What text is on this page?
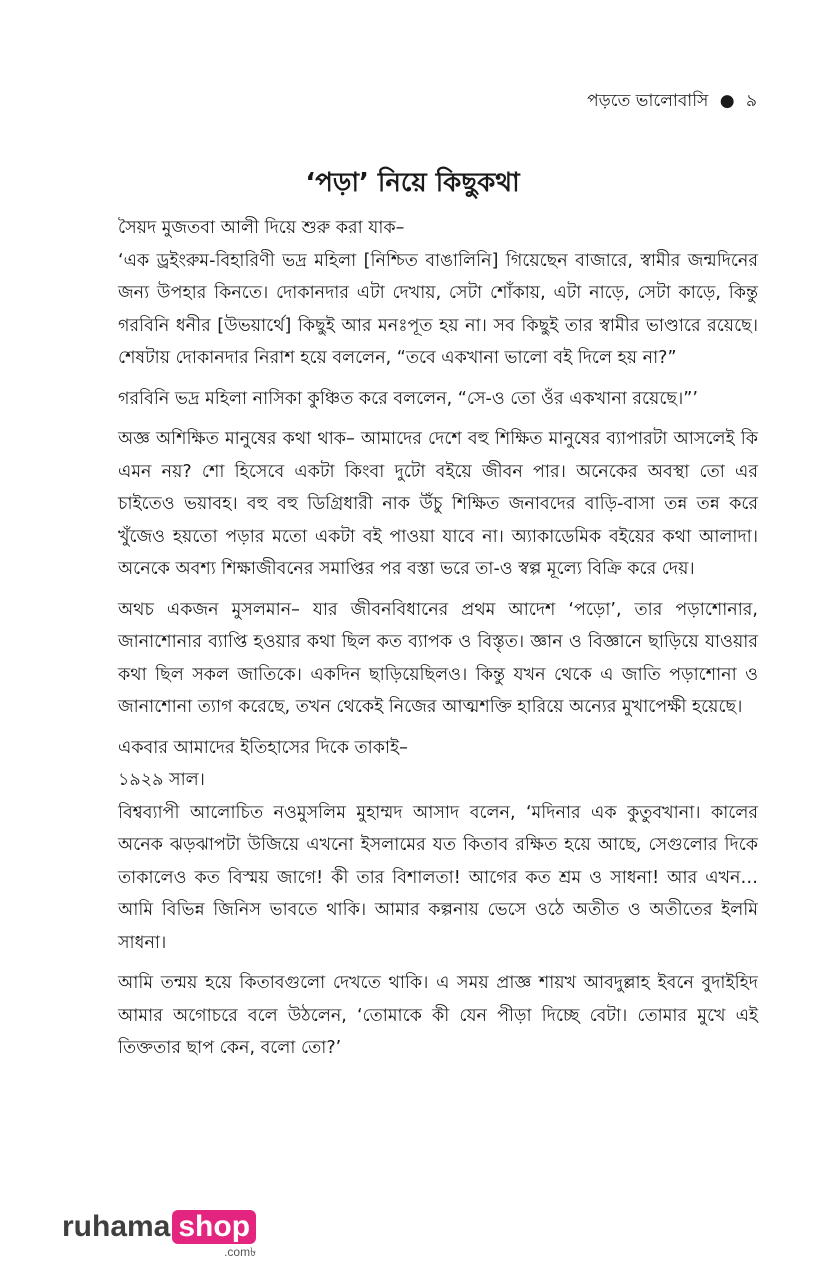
পড়তে ভালোবাসি ● ৯
‘পড়া’ নিয়ে কিছুকথা

সৈয়দ মুজতবা আলী দিয়ে শুরু করা যাক–

‘এক ড্রইংরুম-বিহারিণী ভদ্র মহিলা [নিশ্চিত বাঙালিনি] গিয়েছেন বাজারে, স্বামীর জন্মদিনের জন্য উপহার কিনতে। দোকানদার এটা দেখায়, সেটা শোঁকায়, এটা নাড়ে, সেটা কাড়ে, কিন্তু গরবিনি ধনীর [উভয়ার্থে] কিছুই আর মনঃপূত হয় না। সব কিছুই তার স্বামীর ভাণ্ডারে রয়েছে। শেষটায় দোকানদার নিরাশ হয়ে বললেন, “তবে একখানা ভালো বই দিলে হয় না?”

গরবিনি ভদ্র মহিলা নাসিকা কুঞ্চিত করে বললেন, “সে-ও তো ওঁর একখানা রয়েছে।”’

অজ্ঞ অশিক্ষিত মানুষের কথা থাক– আমাদের দেশে বহু শিক্ষিত মানুষের ব্যাপারটা আসলেই কি এমন নয়? শো হিসেবে একটা কিংবা দুটো বইয়ে জীবন পার। অনেকের অবস্থা তো এর চাইতেও ভয়াবহ। বহু বহু ডিগ্রিধারী নাক উঁচু শিক্ষিত জনাবদের বাড়ি-বাসা তন্ন তন্ন করে খুঁজেও হয়তো পড়ার মতো একটা বই পাওয়া যাবে না। অ্যাকাডেমিক বইয়ের কথা আলাদা। অনেকে অবশ্য শিক্ষাজীবনের সমাপ্তির পর বস্তা ভরে তা-ও স্বল্প মূল্যে বিক্রি করে দেয়।

অথচ একজন মুসলমান– যার জীবনবিধানের প্রথম আদেশ ‘পড়ো’, তার পড়াশোনার, জানাশোনার ব্যাপ্তি হওয়ার কথা ছিল কত ব্যাপক ও বিস্তৃত। জ্ঞান ও বিজ্ঞানে ছাড়িয়ে যাওয়ার কথা ছিল সকল জাতিকে। একদিন ছাড়িয়েছিলও। কিন্তু যখন থেকে এ জাতি পড়াশোনা ও জানাশোনা ত্যাগ করেছে, তখন থেকেই নিজের আত্মশক্তি হারিয়ে অন্যের মুখাপেক্ষী হয়েছে।

একবার আমাদের ইতিহাসের দিকে তাকাই–

১৯২৯ সাল।

বিশ্বব্যাপী আলোচিত নওমুসলিম মুহাম্মদ আসাদ বলেন, ‘মদিনার এক কুতুবখানা। কালের অনেক ঝড়ঝাপটা উজিয়ে এখনো ইসলামের যত কিতাব রক্ষিত হয়ে আছে, সেগুলোর দিকে তাকালেও কত বিস্ময় জাগে! কী তার বিশালতা! আগের কত শ্রম ও সাধনা! আর এখন… আমি বিভিন্ন জিনিস ভাবতে থাকি। আমার কল্পনায় ভেসে ওঠে অতীত ও অতীতের ইলমি সাধনা।

আমি তন্ময় হয়ে কিতাবগুলো দেখতে থাকি। এ সময় প্রাজ্ঞ শায়খ আবদুল্লাহ ইবনে বুদাইহিদ আমার অগোচরে বলে উঠলেন, ‘তোমাকে কী যেন পীড়া দিচ্ছে বেটা। তোমার মুখে এই তিক্ততার ছাপ কেন, বলো তো?’

ruhama shop
.com৳
